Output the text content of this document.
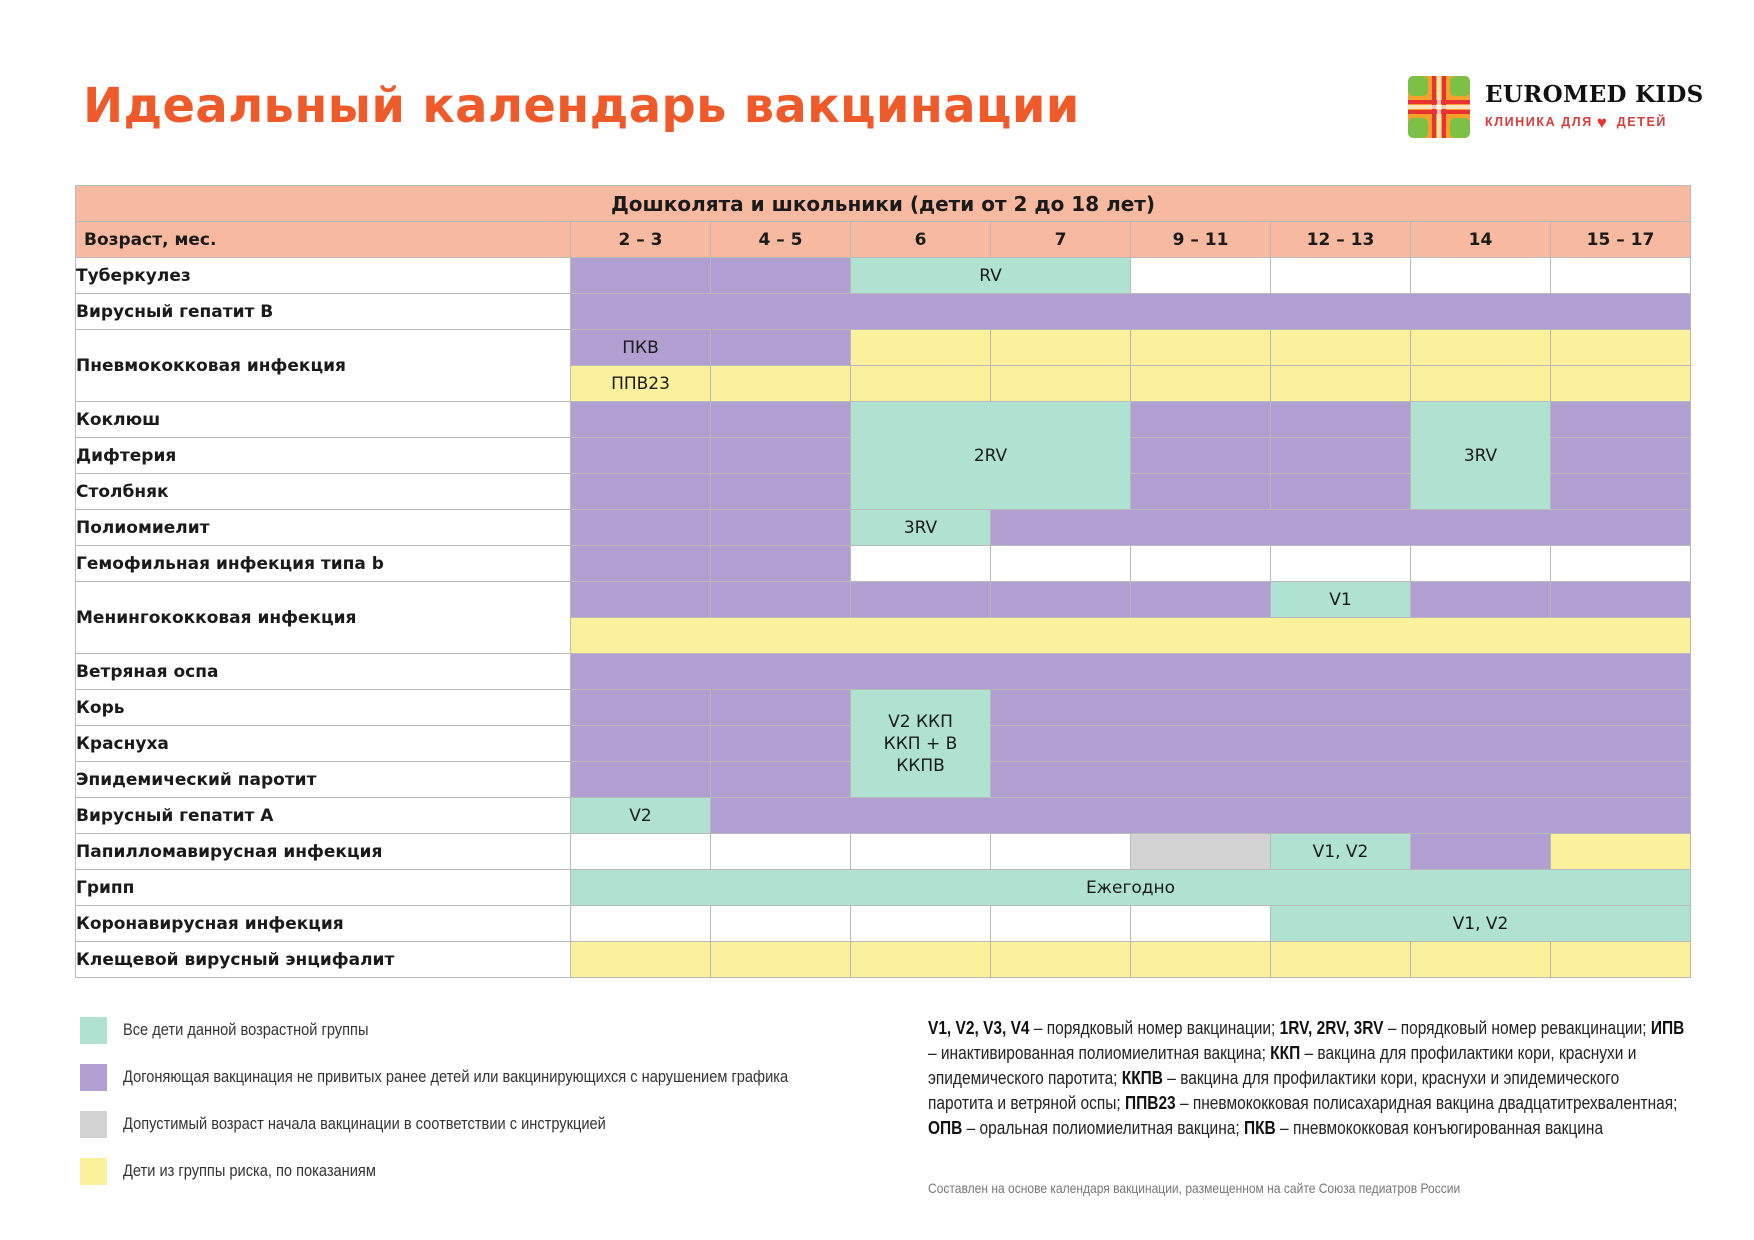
Идеальный календарь вакцинации	EUROMED KIDS
КЛИНИКА ДЛЯ ♥ ДЕТЕЙ
Дошколята и школьники (дети от 2 до 18 лет)								
Возраст, мес.	2 – 3	4 – 5	6	7	9 – 11	12 – 13	14	15 – 17
Туберкулез			RV					
Вирусный гепатит B								
Пневмококковая инфекция	ПКВ							
	ППВ23							
Коклюш			2RV				3RV	
Дифтерия								
Столбняк								
Полиомиелит			3RV					
Гемофильная инфекция типа b								
Менингококковая инфекция						V1		

Ветряная оспа								
Корь			V2 ККП
ККП + В
ККПВ					

Краснуха								
Эпидемический паротит								
Вирусный гепатит A	V2							
Папилломавирусная инфекция						V1, V2		
Грипп	Ежегодно							
Коронавирусная инфекция						V1, V2		
Клещевой вирусный энцифалит								
Все дети данной возрастной группы
Догоняющая вакцинация не привитых ранее детей или вакцинирующихся с нарушением графика
Допустимый возраст начала вакцинации в соответствии с инструкцией
Дети из группы риска, по показаниям
V1, V2, V3, V4 – порядковый номер вакцинации; 1RV, 2RV, 3RV – порядковый номер ревакцинации; ИПВ – инактивированная полиомиелитная вакцина; ККП – вакцина для профилактики кори, краснухи и эпидемического паротита; ККПВ – вакцина для профилактики кори, краснухи и эпидемического паротита и ветряной оспы; ППВ23 – пневмококковая полисахаридная вакцина двадцатитрехвалентная; ОПВ – оральная полиомиелитная вакцина; ПКВ – пневмококковая конъюгированная вакцина
Составлен на основе календаря вакцинации, размещенном на сайте Союза педиатров России
